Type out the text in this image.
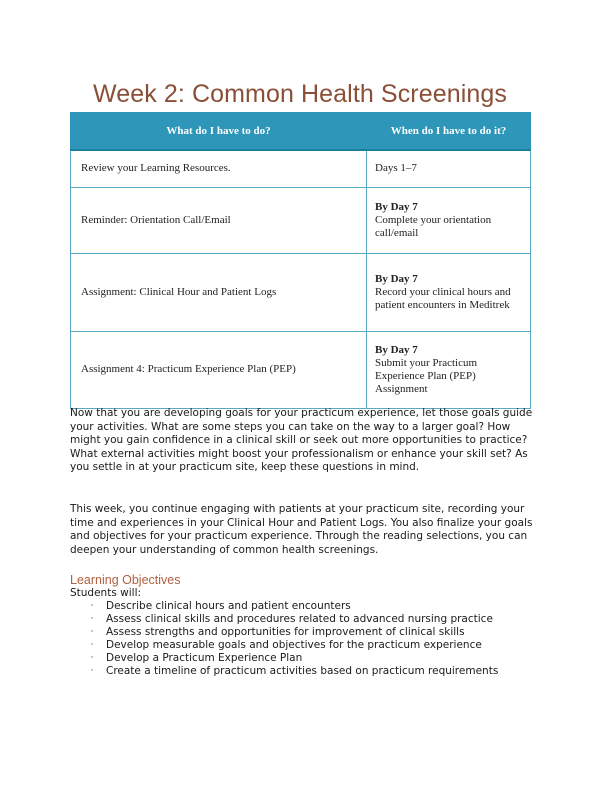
Week 2: Common Health Screenings
What do I have to do?	When do I have to do it?
Review your Learning Resources.	Days 1–7
Reminder: Orientation Call/Email	By Day 7
Complete your orientation call/email
Assignment: Clinical Hour and Patient Logs	By Day 7
Record your clinical hours and patient encounters in Meditrek
Assignment 4: Practicum Experience Plan (PEP)	By Day 7
Submit your Practicum Experience Plan (PEP) Assignment

Now that you are developing goals for your practicum experience, let those goals guide your activities. What are some steps you can take on the way to a larger goal? How might you gain confidence in a clinical skill or seek out more opportunities to practice? What external activities might boost your professionalism or enhance your skill set? As you settle in at your practicum site, keep these questions in mind.

This week, you continue engaging with patients at your practicum site, recording your time and experiences in your Clinical Hour and Patient Logs. You also finalize your goals and objectives for your practicum experience. Through the reading selections, you can deepen your understanding of common health screenings.

Learning Objectives

Students will:

·	Describe clinical hours and patient encounters
·	Assess clinical skills and procedures related to advanced nursing practice
·	Assess strengths and opportunities for improvement of clinical skills
·	Develop measurable goals and objectives for the practicum experience
·	Develop a Practicum Experience Plan
·	Create a timeline of practicum activities based on practicum requirements
